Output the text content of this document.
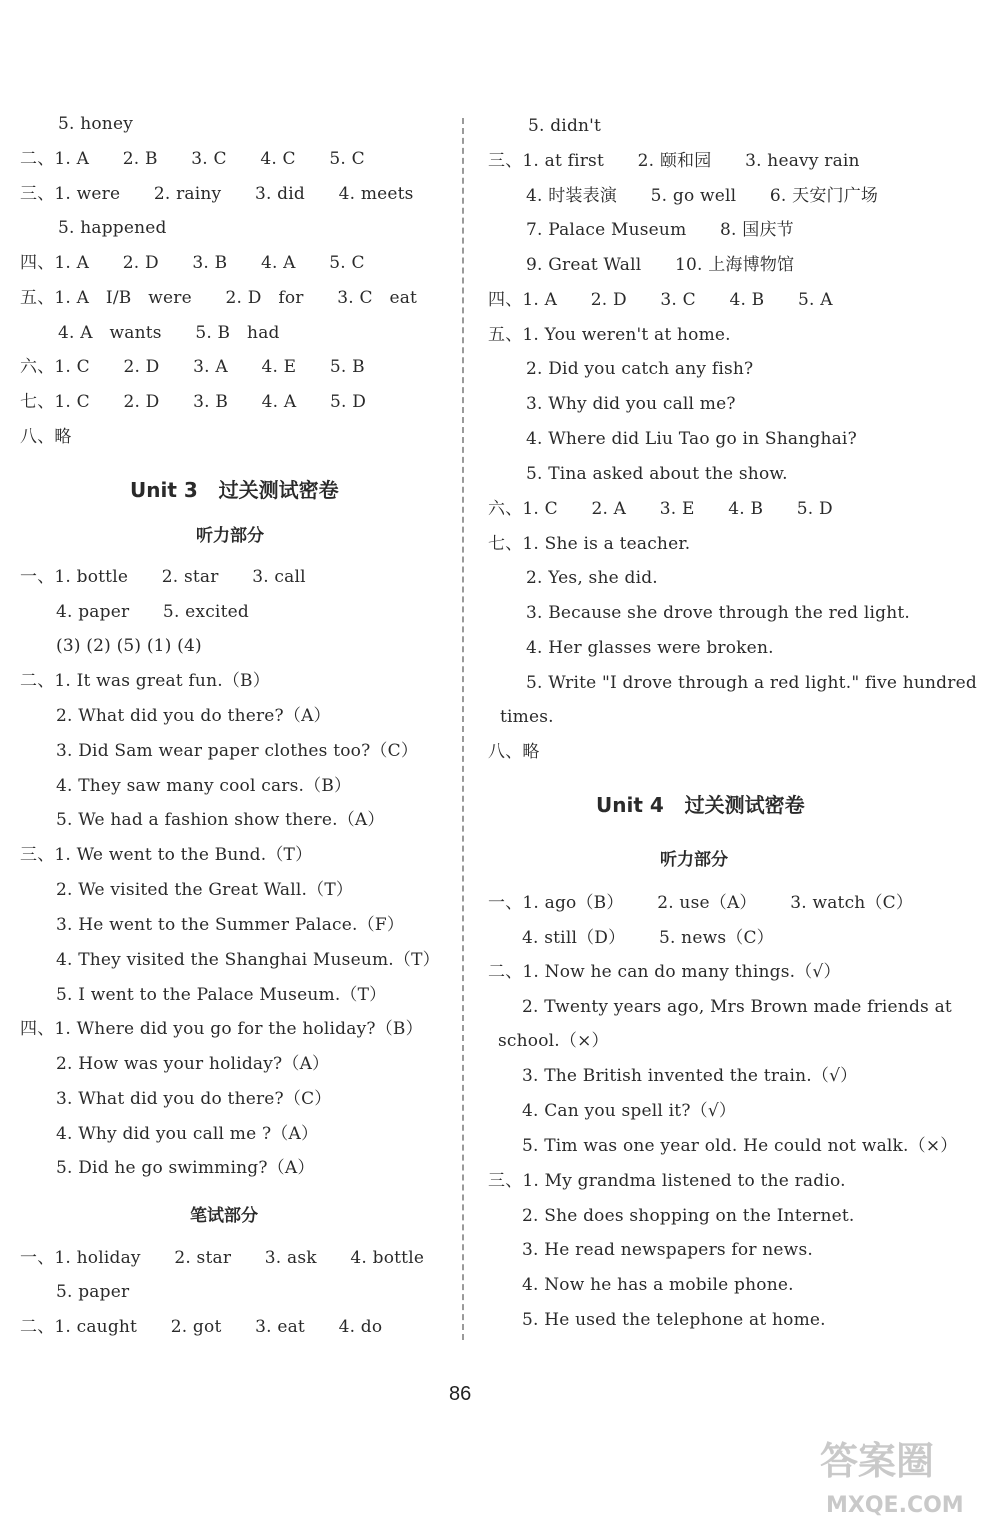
5. honey
二、1. A      2. B      3. C      4. C      5. C
三、1. were      2. rainy      3. did      4. meets
5. happened
四、1. A      2. D      3. B      4. A      5. C
五、1. A   I/B   were      2. D   for      3. C   eat
4. A   wants      5. B   had
六、1. C      2. D      3. A      4. E      5. B
七、1. C      2. D      3. B      4. A      5. D
八、略
Unit 3   过关测试密卷
听力部分
一、1. bottle      2. star      3. call
4. paper      5. excited
(3) (2) (5) (1) (4)
二、1. It was great fun.（B）
2. What did you do there?（A）
3. Did Sam wear paper clothes too?（C）
4. They saw many cool cars.（B）
5. We had a fashion show there.（A）
三、1. We went to the Bund.（T）
2. We visited the Great Wall.（T）
3. He went to the Summer Palace.（F）
4. They visited the Shanghai Museum.（T）
5. I went to the Palace Museum.（T）
四、1. Where did you go for the holiday?（B）
2. How was your holiday?（A）
3. What did you do there?（C）
4. Why did you call me ?（A）
5. Did he go swimming?（A）
笔试部分
一、1. holiday      2. star      3. ask      4. bottle
5. paper
二、1. caught      2. got      3. eat      4. do
5. didn't
三、1. at first      2. 颐和园      3. heavy rain
4. 时装表演      5. go well      6. 天安门广场
7. Palace Museum      8. 国庆节
9. Great Wall      10. 上海博物馆
四、1. A      2. D      3. C      4. B      5. A
五、1. You weren't at home.
2. Did you catch any fish?
3. Why did you call me?
4. Where did Liu Tao go in Shanghai?
5. Tina asked about the show.
六、1. C      2. A      3. E      4. B      5. D
七、1. She is a teacher.
2. Yes, she did.
3. Because she drove through the red light.
4. Her glasses were broken.
5. Write "I drove through a red light." five hundred
times.
八、略
Unit 4   过关测试密卷
听力部分
一、1. ago（B）      2. use（A）      3. watch（C）
4. still（D）      5. news（C）
二、1. Now he can do many things.（√）
2. Twenty years ago, Mrs Brown made friends at
school.（×）
3. The British invented the train.（√）
4. Can you spell it?（√）
5. Tim was one year old. He could not walk.（×）
三、1. My grandma listened to the radio.
2. She does shopping on the Internet.
3. He read newspapers for news.
4. Now he has a mobile phone.
5. He used the telephone at home.
86
答案圈
MXQE.COM
